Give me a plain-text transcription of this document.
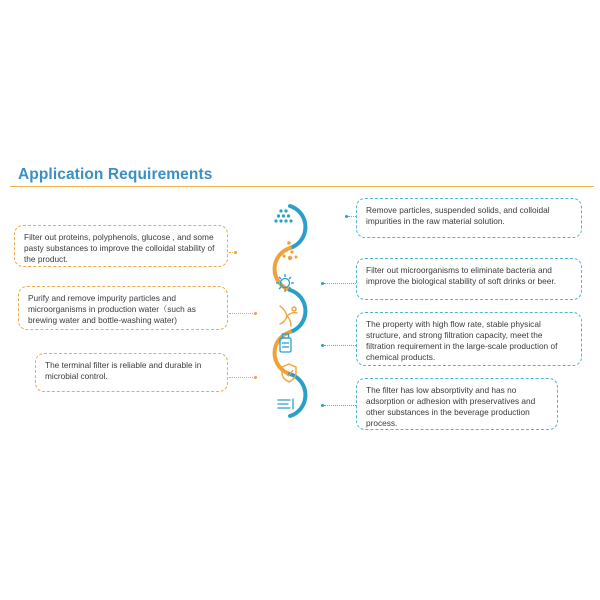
Application Requirements
Filter out proteins, polyphenols, glucose , and some pasty substances to improve the colloidal stability of the product.
Purify and remove impurity particles and microorganisms in production water（such as brewing water and bottle-washing water)
The terminal filter is reliable and durable in microbial control.
Remove particles, suspended solids, and colloidal impurities in the raw material solution.
Filter out microorganisms to eliminate bacteria and improve the biological stability of soft drinks or beer.
The property with high flow rate, stable physical structure, and strong filtration capacity, meet the filtration requirement in the large-scale production of chemical products.
The filter has low absorptivity and has no adsorption or adhesion with preservatives and other substances in the beverage production process.
